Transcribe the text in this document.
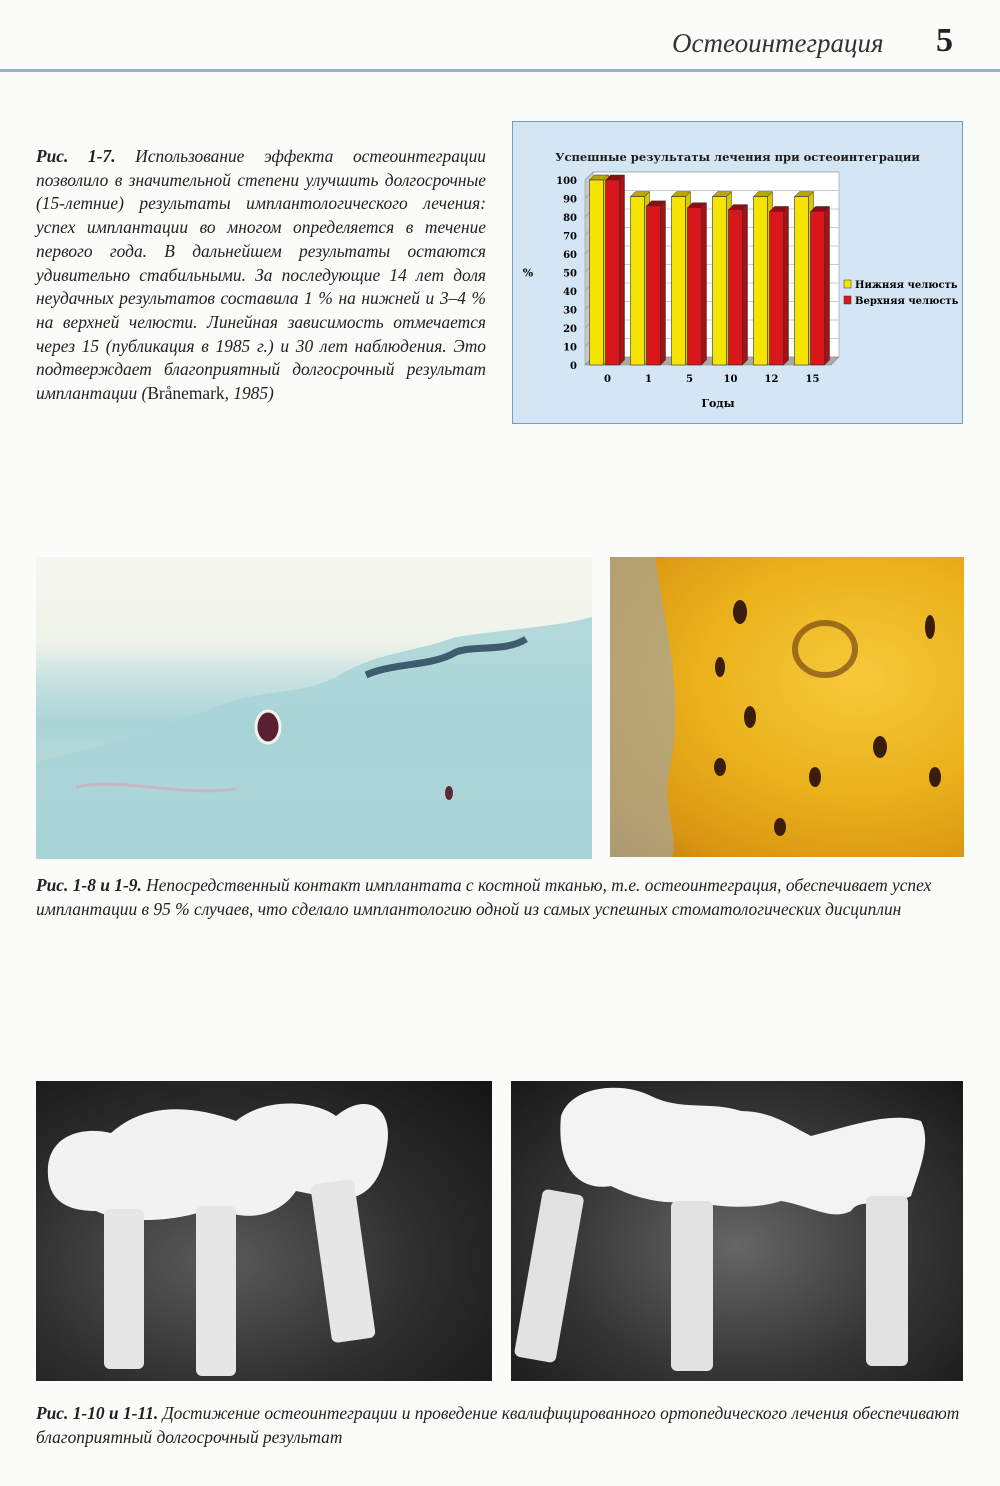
Остеоинтеграция 5
Рис. 1-7. Использование эффекта остеоинтеграции позволило в значительной степени улучшить долгосрочные (15-летние) результаты имплантологического лечения: успех имплантации во многом определяется в течение первого года. В дальнейшем результаты остаются удивительно стабильными. За последующие 14 лет доля неудачных результатов составила 1 % на нижней и 3–4 % на верхней челюсти. Линейная зависимость отмечается через 15 (публикация в 1985 г.) и 30 лет наблюдения. Это подтверждает благоприятный долгосрочный результат имплантации (Brånemark, 1985)
Успешные результаты лечения при остеоинтеграции
0
10
20
30
40
50
60
70
80
90
100
%
0	1	5	10	12	15
Годы
Нижняя челюсть
Верхняя челюсть
Рис. 1-8 и 1-9. Непосредственный контакт имплантата с костной тканью, т.е. остеоинтеграция, обеспечивает успех имплантации в 95 % случаев, что сделало имплантологию одной из самых успешных стоматологических дисциплин
Рис. 1-10 и 1-11. Достижение остеоинтеграции и проведение квалифицированного ортопедического лечения обеспечивают благоприятный долгосрочный результат
